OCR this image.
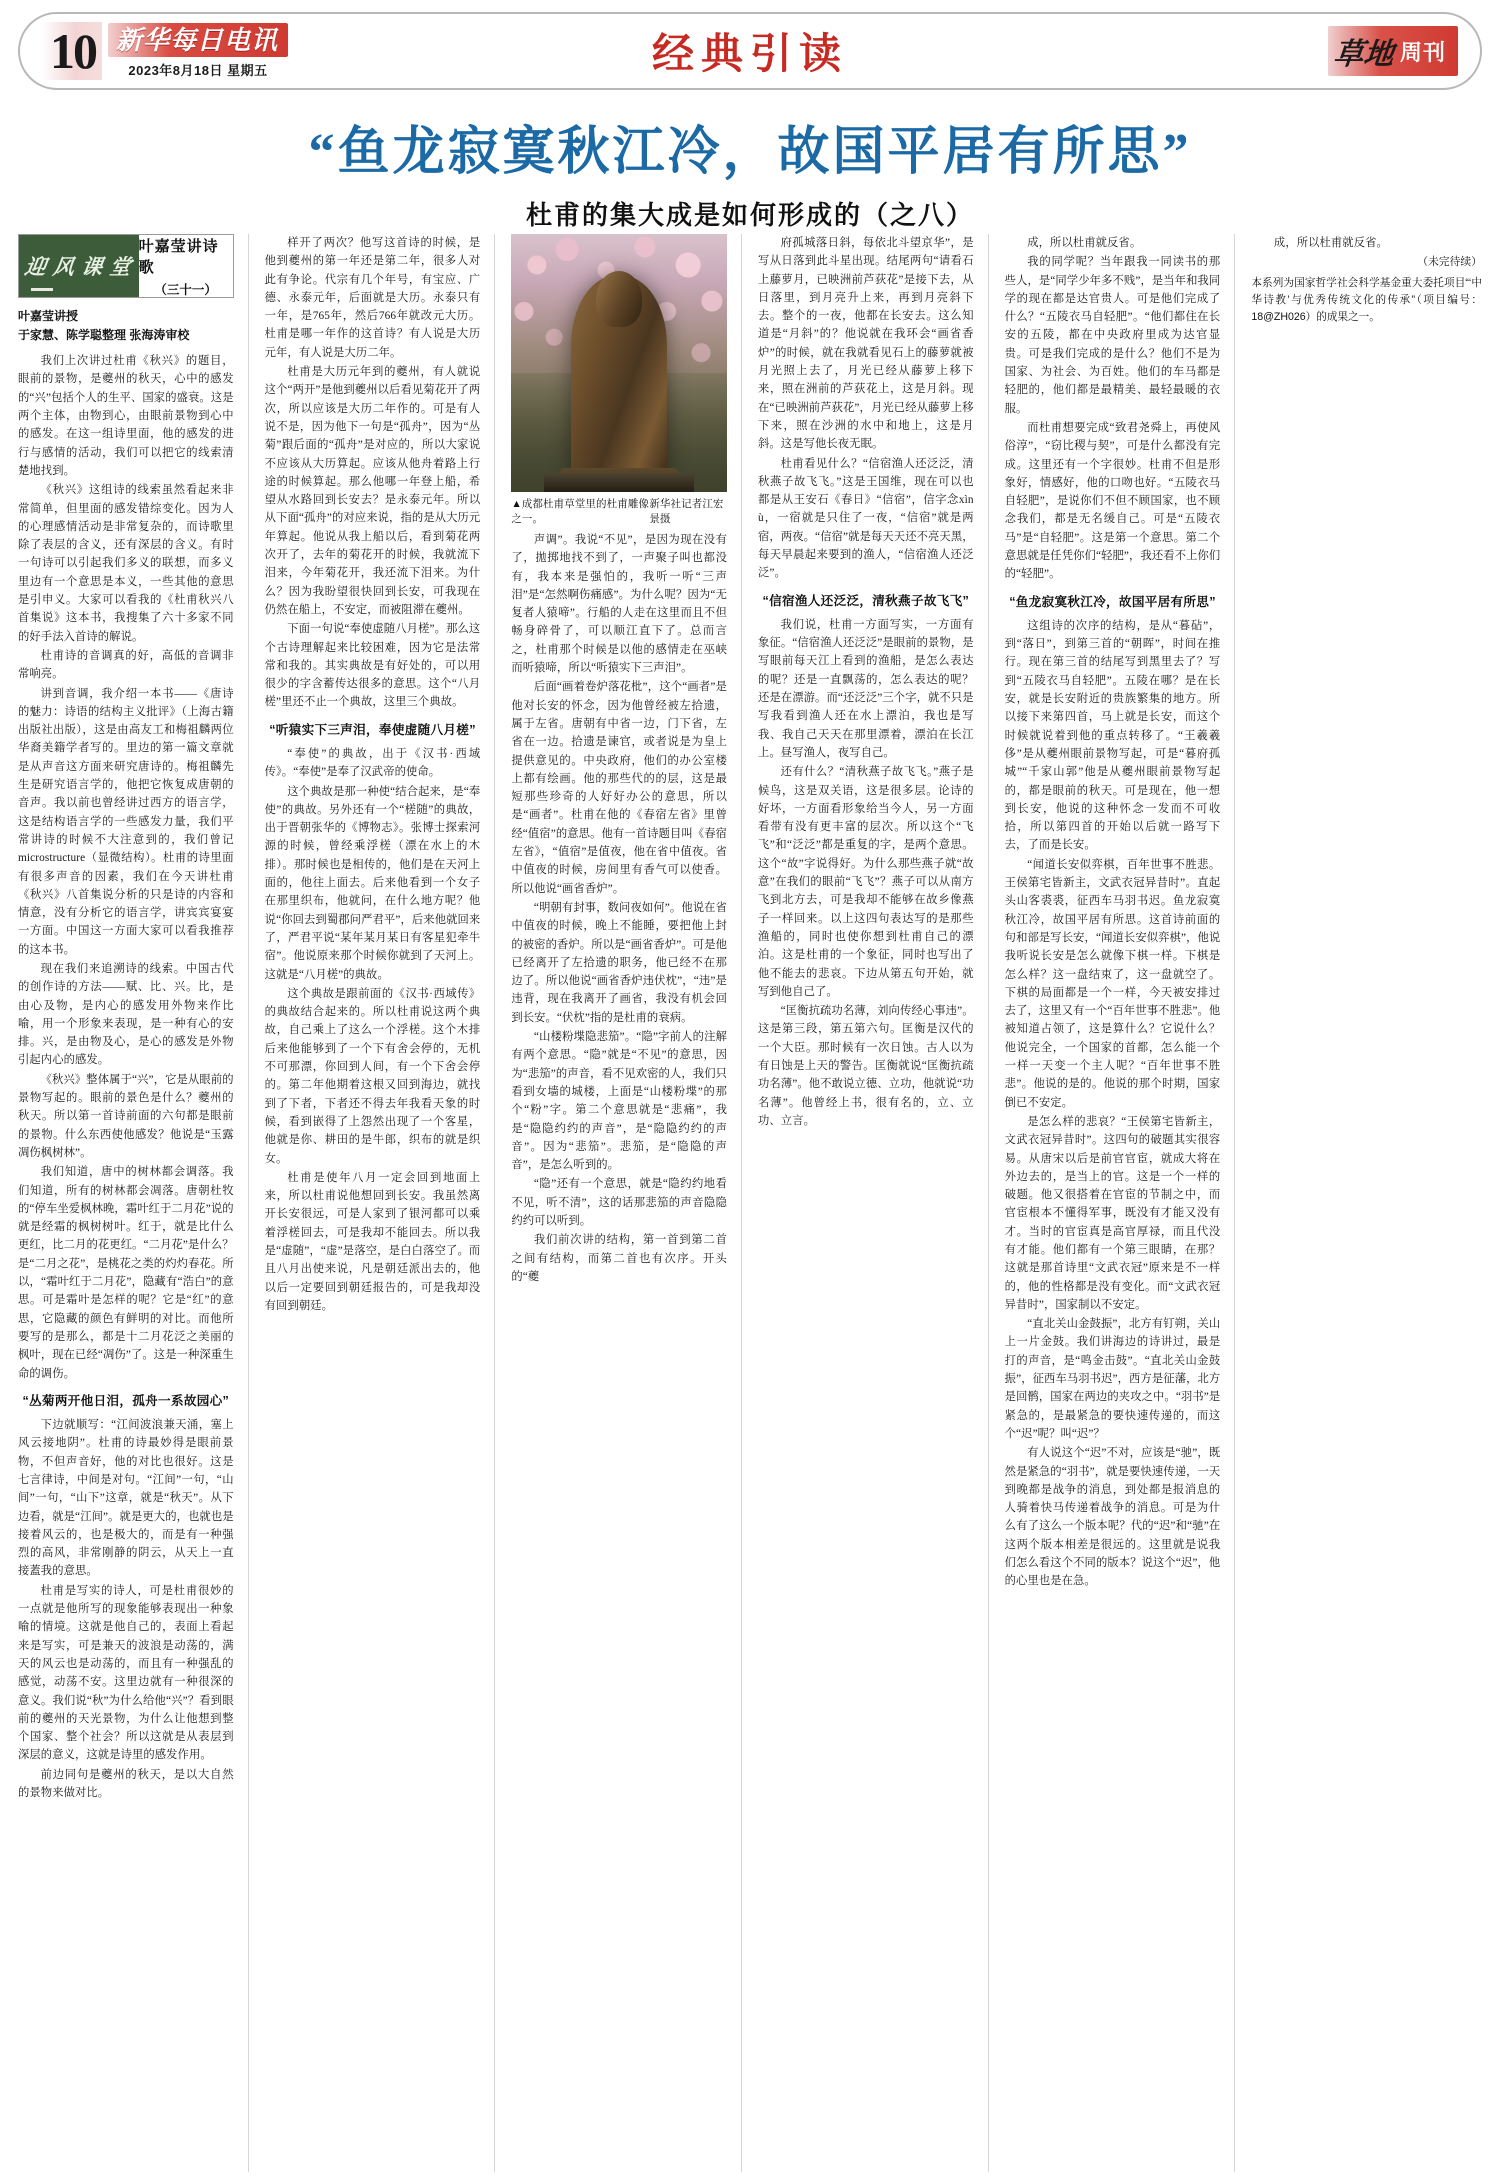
10 新华每日电讯
2023年8月18日 星期五	经典引读	草地 周刊
“鱼龙寂寞秋江冷，故国平居有所思”
杜甫的集大成是如何形成的（之八）
迎 风 课 堂
叶嘉莹讲诗歌
（三十一）
叶嘉莹讲授
于家慧、陈学聪整理 张海涛审校

我们上次讲过杜甫《秋兴》的题目，眼前的景物，是夔州的秋天，心中的感发的“兴”包括个人的生平、国家的盛衰。这是两个主体，由物到心，由眼前景物到心中的感发。在这一组诗里面，他的感发的进行与感情的活动，我们可以把它的线索清楚地找到。

《秋兴》这组诗的线索虽然看起来非常简单，但里面的感发错综变化。因为人的心理感情活动是非常复杂的，而诗歌里除了表层的含义，还有深层的含义。有时一句诗可以引起我们多义的联想，而多义里边有一个意思是本义，一些其他的意思是引申义。大家可以看我的《杜甫秋兴八首集说》这本书，我搜集了六十多家不同的好手法入首诗的解说。

杜甫诗的音调真的好，高低的音调非常响亮。

讲到音调，我介绍一本书——《唐诗的魅力：诗语的结构主义批评》（上海古籍出版社出版），这是由高友工和梅祖麟两位华裔美籍学者写的。里边的第一篇文章就是从声音这方面来研究唐诗的。梅祖麟先生是研究语言学的，他把它恢复成唐朝的音声。我以前也曾经讲过西方的语言学，这是结构语言学的一些感发力量，我们平常讲诗的时候不大注意到的，我们曾记microstructure（显微结构）。杜甫的诗里面有很多声音的因素，我们在今天讲杜甫《秋兴》八首集说分析的只是诗的内容和情意，没有分析它的语言学，讲宾宾宴宴一方面。中国这一方面大家可以看我推荐的这本书。

现在我们来追溯诗的线索。中国古代的创作诗的方法——赋、比、兴。比，是由心及物，是内心的感发用外物来作比喻，用一个形象来表现，是一种有心的安排。兴，是由物及心，是心的感发是外物引起内心的感发。

《秋兴》整体属于“兴”，它是从眼前的景物写起的。眼前的景色是什么？夔州的秋天。所以第一首诗前面的六句都是眼前的景物。什么东西使他感发？他说是“玉露凋伤枫树林”。

我们知道，唐中的树林都会调落。我们知道，所有的树林都会凋落。唐朝杜牧的“停车坐爱枫林晚，霜叶红于二月花”说的就是经霜的枫树树叶。红于，就是比什么更红，比二月的花更红。“二月花”是什么？是“二月之花”，是桃花之类的灼灼春花。所以，“霜叶红于二月花”，隐藏有“浩白”的意思。可是霜叶是怎样的呢？它是“红”的意思，它隐藏的颜色有鲜明的对比。而他所要写的是那么，都是十二月花泛之美丽的枫叶，现在已经“凋伤”了。这是一种深重生命的调伤。

“丛菊两开他日泪，孤舟一系故园心”

下边就顺写：“江间波浪兼天涌，塞上风云接地阴”。杜甫的诗最妙得是眼前景物，不但声音好，他的对比也很好。这是七言律诗，中间是对句。“江间”一句，“山间”一句，“山下”这章，就是“秋天”。从下边看，就是“江间”。就是更大的，也就也是接着风云的，也是极大的，而是有一种强烈的高风，非常刚静的阴云，从天上一直接蓋我的意思。

杜甫是写实的诗人，可是杜甫很妙的一点就是他所写的现象能够表现出一种象喻的情境。这就是他自己的，表面上看起来是写实，可是兼天的波浪是动荡的，满天的风云也是动荡的，而且有一种强乱的感觉，动荡不安。这里边就有一种很深的意义。我们说“秋”为什么给他“兴”？看到眼前的夔州的天光景物，为什么让他想到整个国家、整个社会？所以这就是从表层到深层的意义，这就是诗里的感发作用。

前边同句是夔州的秋天，是以大自然的景物来做对比。

样开了两次？他写这首诗的时候，是他到夔州的第一年还是第二年，很多人对此有争论。代宗有几个年号，有宝应、广德、永泰元年，后面就是大历。永泰只有一年，是765年，然后766年就改元大历。杜甫是哪一年作的这首诗？有人说是大历元年，有人说是大历二年。

杜甫是大历元年到的夔州，有人就说这个“两开”是他到夔州以后看见菊花开了两次，所以应该是大历二年作的。可是有人说不是，因为他下一句是“孤舟”，因为“丛菊”跟后面的“孤舟”是对应的，所以大家说不应该从大历算起。应该从他舟着路上行途的时候算起。那么他哪一年登上船，希望从水路回到长安去？是永泰元年。所以从下面“孤舟”的对应来说，指的是从大历元年算起。他说从我上船以后，看到菊花两次开了，去年的菊花开的时候，我就流下泪来，今年菊花开，我还流下泪来。为什么？因为我盼望很快回到长安，可我现在仍然在船上，不安定，而被阻滞在夔州。

下面一句说“奉使虚随八月槎”。那么这个古诗理解起来比较困难，因为它是法常常和我的。其实典故是有好处的，可以用很少的字含蓄传达很多的意思。这个“八月槎”里还不止一个典故，这里三个典故。

“听猿实下三声泪，奉使虚随八月槎”

“奉使”的典故，出于《汉书·西域传》。“奉使”是奉了汉武帝的使命。

这个典故是那一种使“结合起来，是“奉使”的典故。另外还有一个“槎随”的典故，出于晋朝张华的《博物志》。张博士探索河源的时候，曾经乘浮槎（漂在水上的木排）。那时候也是相传的，他们是在天河上面的，他往上面去。后来他看到一个女子在那里织布，他就问，在什么地方呢？他说“你回去到蜀郡问严君平”，后来他就回来了，严君平说“某年某月某日有客星犯牵牛宿”。他说原来那个时候你就到了天河上。这就是“八月槎”的典故。

这个典故是跟前面的《汉书·西域传》的典故结合起来的。所以杜甫说这两个典故，自己乘上了这么一个浮槎。这个木排后来他能够到了一个下有舍会停的，无机不可那漂，你回到人间，有一个下舍会停的。第二年他期着这根又回到海边，就找到了下者，下者还不得去年我看天象的时候，看到嵌得了上怨然出现了一个客星，他就是你、耕田的是牛郎，织布的就是织女。

杜甫是使年八月一定会回到地面上来，所以杜甫说他想回到长安。我虽然离开长安很远，可是人家到了银河都可以乘着浮槎回去，可是我却不能回去。所以我是“虚随”，“虚”是落空，是白白落空了。而且八月出使来说，凡是朝廷派出去的，他以后一定要回到朝廷报告的，可是我却没有回到朝廷。

▲成都杜甫草堂里的杜甫雕像之一。
新华社记者江宏景摄

声调”。我说“不见”，是因为现在没有了，拋掷地找不到了，一声聚子叫也都没有，我本来是强怕的，我听一听“三声泪”是“怎然啊伤痛感”。为什么呢？因为“无复者人猿啼”。行船的人走在这里而且不但畅身碎骨了，可以顺江直下了。总而言之，杜甫那个时候是以他的感情走在巫峡而听猿啼，所以“听猿实下三声泪”。

后面“画着卷炉落花枇”，这个“画者”是他对长安的怀念，因为他曾经被左拾遗，属于左省。唐朝有中省一边，门下省，左省在一边。拾遗是谏官，或者说是为皇上提供意见的。中央政府，他们的办公室楼上都有绘画。他的那些代的的层，这是最短那些珍奇的人好好办公的意思，所以是“画者”。杜甫在他的《春宿左省》里曾经“值宿”的意思。他有一首诗题目叫《春宿左省》，“值宿”是值夜，他在省中值夜。省中值夜的时候，房间里有香气可以使香。所以他说“画省香炉”。

“明朝有封事，数问夜如何”。他说在省中值夜的时候，晚上不能睡，要把他上封的被密的香炉。所以是“画省香炉”。可是他已经离开了左拾遗的职务，他已经不在那边了。所以他说“画省香炉违伏枕”，“违”是违背，现在我离开了画省，我没有机会回到长安。“伏枕”指的是杜甫的衰病。

“山楼粉堞隐悲笳”。“隐”字前人的注解有两个意思。“隐”就是“不见”的意思，因为“悲笳”的声音，看不见欢密的人，我们只看到女墙的城楼，上面是“山楼粉堞”的那个“粉”字。第二个意思就是“悲痛”，我是“隐隐约约的声音”，是“隐隐约约的声音”。因为“悲笳”。悲笳，是“隐隐的声音”，是怎么听到的。

“隐”还有一个意思，就是“隐约约地看不见，听不清”，这的话那悲笳的声音隐隐约约可以听到。

我们前次讲的结构，第一首到第二首之间有结构，而第二首也有次序。开头的“夔

府孤城落日斜，每依北斗望京华”，是写从日落到此斗星出现。结尾两句“请看石上藤萝月，已映洲前芦荻花”是接下去，从日落里，到月亮升上来，再到月亮斜下去。整个的一夜，他都在长安去。这么知道是“月斜”的？他说就在我环会“画省香炉”的时候，就在我就看见石上的藤萝就被月光照上去了，月光已经从藤萝上移下来，照在洲前的芦荻花上，这是月斜。现在“已映洲前芦荻花”，月光已经从藤萝上移下来，照在沙洲的水中和地上，这是月斜。这是写他长夜无眠。

杜甫看见什么？“信宿渔人还泛泛，清秋燕子故飞飞。”这是王国维，现在可以也都是从王安石《春日》“信宿”，信字念xìn ù，一宿就是只住了一夜，“信宿”就是两宿，两夜。“信宿”就是每天天还不亮天黑，每天早晨起来要到的渔人，“信宿渔人还泛泛”。

“信宿渔人还泛泛，清秋燕子故飞飞”

我们说，杜甫一方面写实，一方面有象征。“信宿渔人还泛泛”是眼前的景物，是写眼前每天江上看到的渔船，是怎么表达的呢？还是一直飘荡的，怎么表达的呢？还是在漂游。而“还泛泛”三个字，就不只是写我看到渔人还在水上漂泊，我也是写我、我自己天天在那里漂着，漂泊在长江上。昼写渔人，夜写自己。

还有什么？“清秋燕子故飞飞。”燕子是候鸟，这是双关语，这是很多层。论诗的好坏，一方面看形象给当今人，另一方面看带有没有更丰富的层次。所以这个“飞飞”和“泛泛”都是重复的字，是两个意思。这个“故”字说得好。为什么那些燕子就“故意”在我们的眼前“飞飞”？燕子可以从南方飞到北方去，可是我却不能够在故乡像燕子一样回来。以上这四句表达写的是那些渔船的，同时也使你想到杜甫自己的漂泊。这是杜甫的一个象征，同时也写出了他不能去的悲哀。下边从第五句开始，就写到他自己了。

“匡衡抗疏功名薄，刘向传经心事违”。这是第三段，第五第六句。匡衡是汉代的一个大臣。那时候有一次日蚀。古人以为有日蚀是上天的警告。匡衡就说“匡衡抗疏功名薄”。他不敢说立德、立功，他就说“功名薄”。他曾经上书，很有名的，立、立功、立言。

成，所以杜甫就反省。

我的同学呢？当年跟我一同读书的那些人，是“同学少年多不贱”，是当年和我同学的现在都是达官贵人。可是他们完成了什么？“五陵衣马自轻肥”。“他们都住在长安的五陵，都在中央政府里成为达官显贵。可是我们完成的是什么？他们不是为国家、为社会、为百姓。他们的车马都是轻肥的，他们都是最精美、最轻最暖的衣服。

而杜甫想要完成“致君尧舜上，再使风俗淳”，“窃比稷与契”，可是什么都没有完成。这里还有一个字很妙。杜甫不但是形象好，情感好，他的口吻也好。“五陵衣马自轻肥”，是说你们不但不顾国家，也不顾念我们，都是无名缓自己。可是“五陵衣马”是“自轻肥”。这是第一个意思。第二个意思就是任凭你们“轻肥”，我还看不上你们的“轻肥”。

“鱼龙寂寞秋江冷，故国平居有所思”

这组诗的次序的结构，是从“暮砧”，到“落日”，到第三首的“朝晖”，时间在推行。现在第三首的结尾写到黑里去了？写到“五陵衣马自轻肥”。五陵在哪？是在长安，就是长安附近的贵族繁集的地方。所以接下来第四首，马上就是长安，而这个时候就说着到他的重点转移了。“王羲羲侈”是从夔州眼前景物写起，可是“暮府孤城”“千家山郭”他是从夔州眼前景物写起的，都是眼前的秋天。可是现在，他一想到长安，他说的这种怀念一发而不可收拾，所以第四首的开始以后就一路写下去，了而是长安。

“闻道长安似弈棋，百年世事不胜悲。王侯第宅皆新主，文武衣冠异昔时”。直起头山客裘裘，征西车马羽书迟。鱼龙寂寞秋江冷，故国平居有所思。这首诗前面的句和部是写长安，“闻道长安似弈棋”，他说我听说长安是怎么就像下棋一样。下棋是怎么样？这一盘结束了，这一盘就空了。下棋的局面都是一个一样，今天被安排过去了，这里又有一个“百年世事不胜悲”。他被知道占领了，这是算什么？它说什么？他说完全，一个国家的首都，怎么能一个一样一天变一个主人呢？“百年世事不胜悲”。他说的是的。他说的那个时期，国家倒已不安定。

是怎么样的悲哀？“王侯第宅皆新主，文武衣冠异昔时”。这四句的破题其实很容易。从唐宋以后是前官官宦，就成大将在外边去的，是当上的官。这是一个一样的破题。他又很搭着在官宦的节制之中，而官宦根本不懂得军事，既没有才能又没有才。当时的官宦真是高官厚禄，而且代没有才能。他们都有一个第三眼睛，在那？这就是那首诗里“文武衣冠”原来是不一样的，他的性格都是没有变化。而“文武衣冠异昔时”，国家制以不安定。

“直北关山金鼓振”，北方有钉朔，关山上一片金鼓。我们讲海边的诗讲过，最是打的声音，是“鸣金击鼓”。“直北关山金鼓振”，征西车马羽书迟”，西方是征藩，北方是回鹘，国家在两边的夹攻之中。“羽书”是紧急的，是最紧急的要快速传递的，而这个“迟”呢？叫“迟”？

有人说这个“迟”不对，应该是“驰”，既然是紧急的“羽书”，就是要快速传递，一天到晚都是战争的消息，到处都是报消息的人骑着快马传递着战争的消息。可是为什么有了这么一个版本呢？代的“迟”和“驰”在这两个版本相差是很远的。这里就是说我们怎么看这个不同的版本？说这个“迟”，他的心里也是在急。

成，所以杜甫就反省。

（未完待续）
本系列为国家哲学社会科学基金重大委托项目“‘中华诗教’与优秀传统文化的传承”（项目编号：18@ZH026）的成果之一。
